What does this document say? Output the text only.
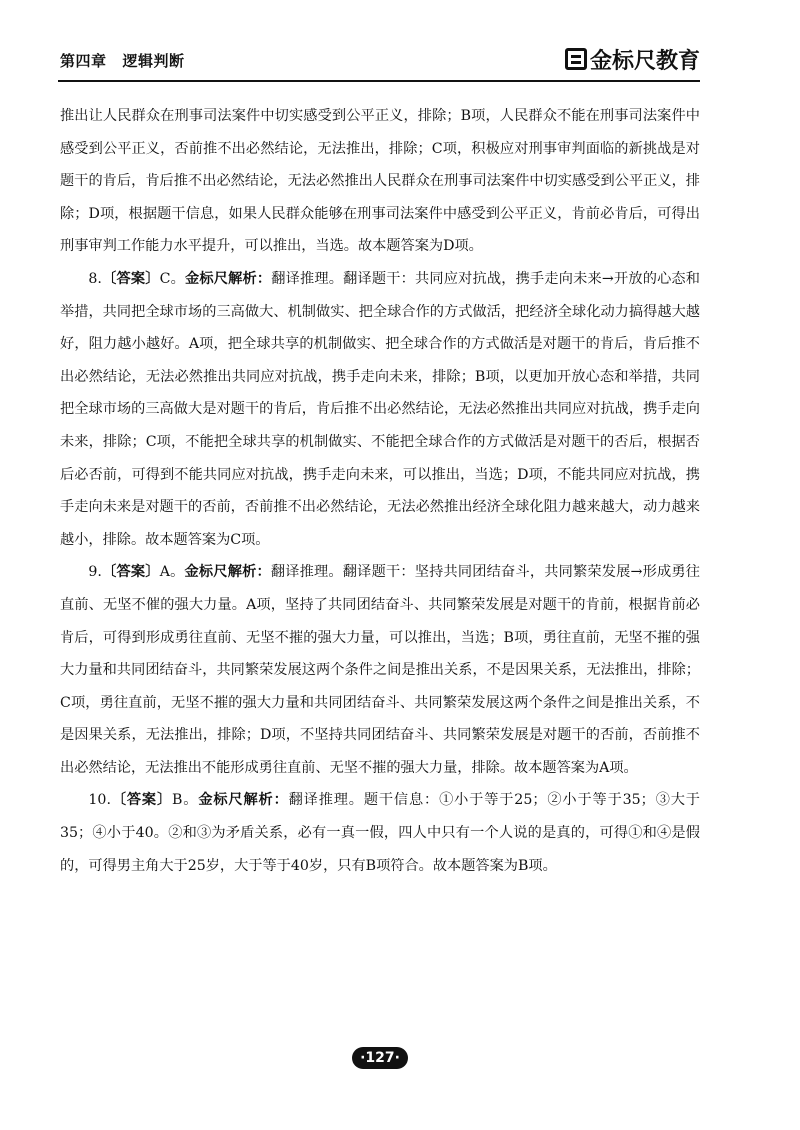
第四章 逻辑判断	金标尺教育

推出让人民群众在刑事司法案件中切实感受到公平正义，排除；B项，人民群众不能在刑事司法案件中感受到公平正义，否前推不出必然结论，无法推出，排除；C项，积极应对刑事审判面临的新挑战是对题干的肯后，肯后推不出必然结论，无法必然推出人民群众在刑事司法案件中切实感受到公平正义，排除；D项，根据题干信息，如果人民群众能够在刑事司法案件中感受到公平正义，肯前必肯后，可得出刑事审判工作能力水平提升，可以推出，当选。故本题答案为D项。

8.〔答案〕C。金标尺解析：翻译推理。翻译题干：共同应对抗战，携手走向未来→开放的心态和举措，共同把全球市场的三高做大、机制做实、把全球合作的方式做活，把经济全球化动力搞得越大越好，阻力越小越好。A项，把全球共享的机制做实、把全球合作的方式做活是对题干的肯后，肯后推不出必然结论，无法必然推出共同应对抗战，携手走向未来，排除；B项，以更加开放心态和举措，共同把全球市场的三高做大是对题干的肯后，肯后推不出必然结论，无法必然推出共同应对抗战，携手走向未来，排除；C项，不能把全球共享的机制做实、不能把全球合作的方式做活是对题干的否后，根据否后必否前，可得到不能共同应对抗战，携手走向未来，可以推出，当选；D项，不能共同应对抗战，携手走向未来是对题干的否前，否前推不出必然结论，无法必然推出经济全球化阻力越来越大，动力越来越小，排除。故本题答案为C项。

9.〔答案〕A。金标尺解析：翻译推理。翻译题干：坚持共同团结奋斗，共同繁荣发展→形成勇往直前、无坚不催的强大力量。A项，坚持了共同团结奋斗、共同繁荣发展是对题干的肯前，根据肯前必肯后，可得到形成勇往直前、无坚不摧的强大力量，可以推出，当选；B项，勇往直前，无坚不摧的强大力量和共同团结奋斗，共同繁荣发展这两个条件之间是推出关系，不是因果关系，无法推出，排除；C项，勇往直前，无坚不摧的强大力量和共同团结奋斗、共同繁荣发展这两个条件之间是推出关系，不是因果关系，无法推出，排除；D项，不坚持共同团结奋斗、共同繁荣发展是对题干的否前，否前推不出必然结论，无法推出不能形成勇往直前、无坚不摧的强大力量，排除。故本题答案为A项。

10.〔答案〕B。金标尺解析：翻译推理。题干信息：①小于等于25；②小于等于35；③大于35；④小于40。②和③为矛盾关系，必有一真一假，四人中只有一个人说的是真的，可得①和④是假的，可得男主角大于25岁，大于等于40岁，只有B项符合。故本题答案为B项。

·127·
